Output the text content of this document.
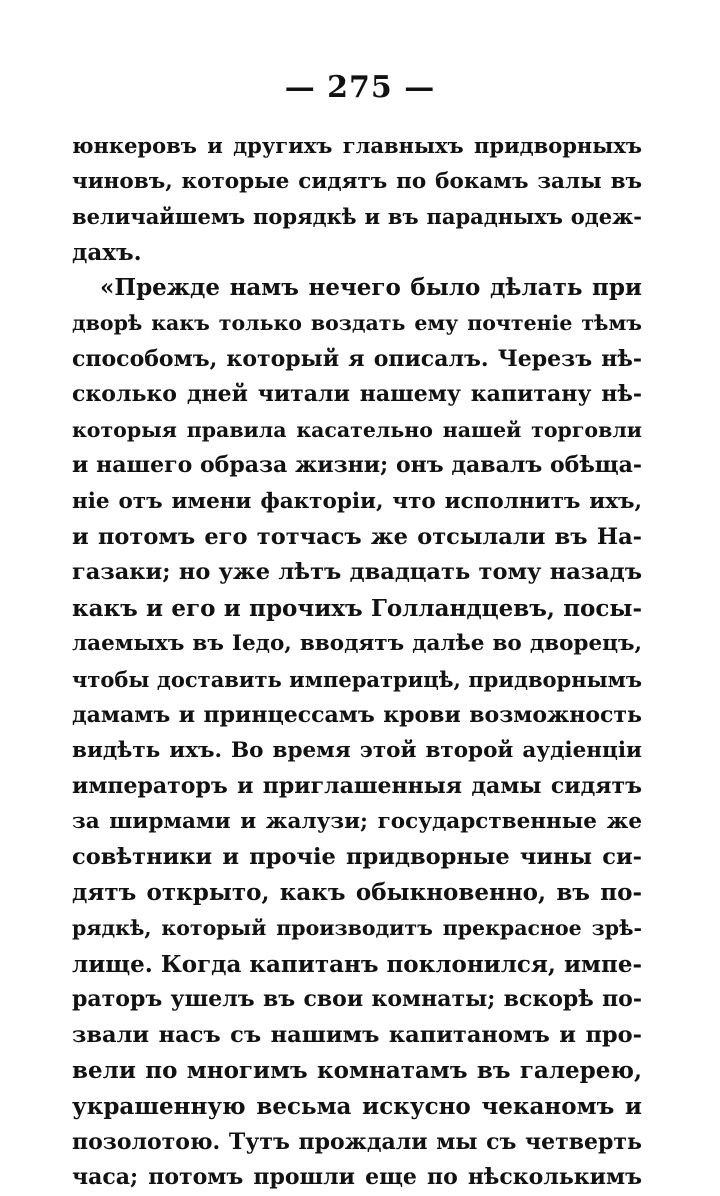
— 275 —
юнкеровъ и другихъ главныхъ придворныхъ
чиновъ, которые сидятъ по бокамъ залы въ
величайшемъ порядкѣ и въ парадныхъ одеж-
дахъ.
«Прежде намъ нечего было дѣлать при
дворѣ какъ только воздать ему почтеніе тѣмъ
способомъ, который я описалъ. Черезъ нѣ-
сколько дней читали нашему капитану нѣ-
которыя правила касательно нашей торговли
и нашего образа жизни; онъ давалъ обѣща-
ніе отъ имени факторіи, что исполнитъ ихъ,
и потомъ его тотчасъ же отсылали въ На-
газаки; но уже лѣтъ двадцать тому назадъ
какъ и его и прочихъ Голландцевъ, посы-
лаемыхъ въ Іедо, вводятъ далѣе во дворецъ,
чтобы доставить императрицѣ, придворнымъ
дамамъ и принцессамъ крови возможность
видѣть ихъ. Во время этой второй аудіенціи
императоръ и приглашенныя дамы сидятъ
за ширмами и жалузи; государственные же
совѣтники и прочіе придворные чины си-
дятъ открыто, какъ обыкновенно, въ по-
рядкѣ, который производитъ прекрасное зрѣ-
лище. Когда капитанъ поклонился, импе-
раторъ ушелъ въ свои комнаты; вскорѣ по-
звали насъ съ нашимъ капитаномъ и про-
вели по многимъ комнатамъ въ галерею,
украшенную весьма искусно чеканомъ и
позолотою. Тутъ прождали мы съ четверть
часа; потомъ прошли еще по нѣсколькимъ
